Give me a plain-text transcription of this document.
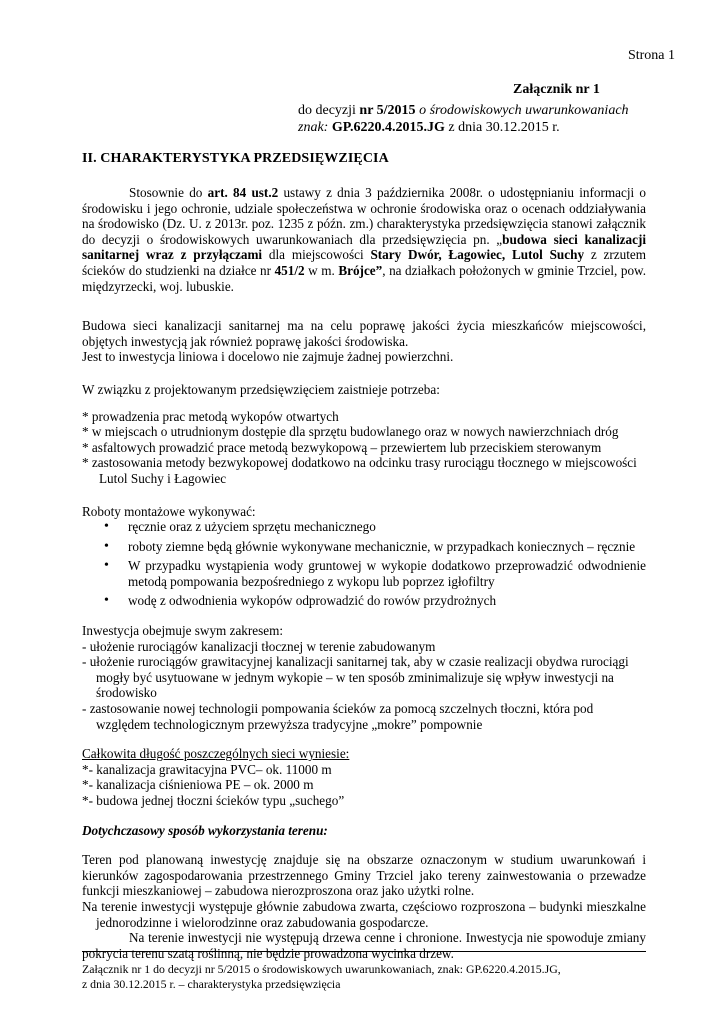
Strona 1
Załącznik nr 1
do decyzji nr 5/2015 o środowiskowych uwarunkowaniach
znak: GP.6220.4.2015.JG z dnia 30.12.2015 r.
II. CHARAKTERYSTYKA PRZEDSIĘWZIĘCIA

Stosownie do art. 84 ust.2 ustawy z dnia 3 października 2008r. o udostępnianiu informacji o środowisku i jego ochronie, udziale społeczeństwa w ochronie środowiska oraz o ocenach oddziaływania na środowisko (Dz. U. z 2013r. poz. 1235 z późn. zm.) charakterystyka przedsięwzięcia stanowi załącznik do decyzji o środowiskowych uwarunkowaniach dla przedsięwzięcia pn. „budowa sieci kanalizacji sanitarnej wraz z przyłączami dla miejscowości Stary Dwór, Łagowiec, Lutol Suchy z zrzutem ścieków do studzienki na działce nr 451/2 w m. Brójce”, na działkach położonych w gminie Trzciel, pow. międzyrzecki, woj. lubuskie.

Budowa sieci kanalizacji sanitarnej ma na celu poprawę jakości życia mieszkańców miejscowości, objętych inwestycją jak również poprawę jakości środowiska.

Jest to inwestycja liniowa i docelowo nie zajmuje żadnej powierzchni.

W związku z projektowanym przedsięwzięciem zaistnieje potrzeba:

* prowadzenia prac metodą wykopów otwartych
* w miejscach o utrudnionym dostępie dla sprzętu budowlanego oraz w nowych nawierzchniach dróg
* asfaltowych prowadzić prace metodą bezwykopową – przewiertem lub przeciskiem sterowanym
* zastosowania metody bezwykopowej dodatkowo na odcinku trasy rurociągu tłocznego w miejscowości Lutol Suchy i Łagowiec

Roboty montażowe wykonywać:

• ręcznie oraz z użyciem sprzętu mechanicznego
• roboty ziemne będą głównie wykonywane mechanicznie, w przypadkach koniecznych – ręcznie
• W przypadku wystąpienia wody gruntowej w wykopie dodatkowo przeprowadzić odwodnienie metodą pompowania bezpośredniego z wykopu lub poprzez igłofiltry
• wodę z odwodnienia wykopów odprowadzić do rowów przydrożnych

Inwestycja obejmuje swym zakresem:

- ułożenie rurociągów kanalizacji tłocznej w terenie zabudowanym
- ułożenie rurociągów grawitacyjnej kanalizacji sanitarnej tak, aby w czasie realizacji obydwa rurociągi mogły być usytuowane w jednym wykopie – w ten sposób zminimalizuje się wpływ inwestycji na środowisko
- zastosowanie nowej technologii pompowania ścieków za pomocą szczelnych tłoczni, która pod względem technologicznym przewyższa tradycyjne „mokre” pompownie

Całkowita długość poszczególnych sieci wyniesie:

*- kanalizacja grawitacyjna PVC– ok. 11000 m

*- kanalizacja ciśnieniowa PE – ok. 2000 m

*- budowa jednej tłoczni ścieków typu „suchego”

Dotychczasowy sposób wykorzystania terenu:

Teren pod planowaną inwestycję znajduje się na obszarze oznaczonym w studium uwarunkowań i kierunków zagospodarowania przestrzennego Gminy Trzciel jako tereny zainwestowania o przewadze funkcji mieszkaniowej – zabudowa nierozproszona oraz jako użytki rolne.

Na terenie inwestycji występuje głównie zabudowa zwarta, częściowo rozproszona – budynki mieszkalne jednorodzinne i wielorodzinne oraz zabudowania gospodarcze.

Na terenie inwestycji nie występują drzewa cenne i chronione. Inwestycja nie spowoduje zmiany pokrycia terenu szatą roślinną, nie będzie prowadzona wycinka drzew.

Załącznik nr 1 do decyzji nr 5/2015 o środowiskowych uwarunkowaniach, znak: GP.6220.4.2015.JG,
z dnia 30.12.2015 r. – charakterystyka przedsięwzięcia
